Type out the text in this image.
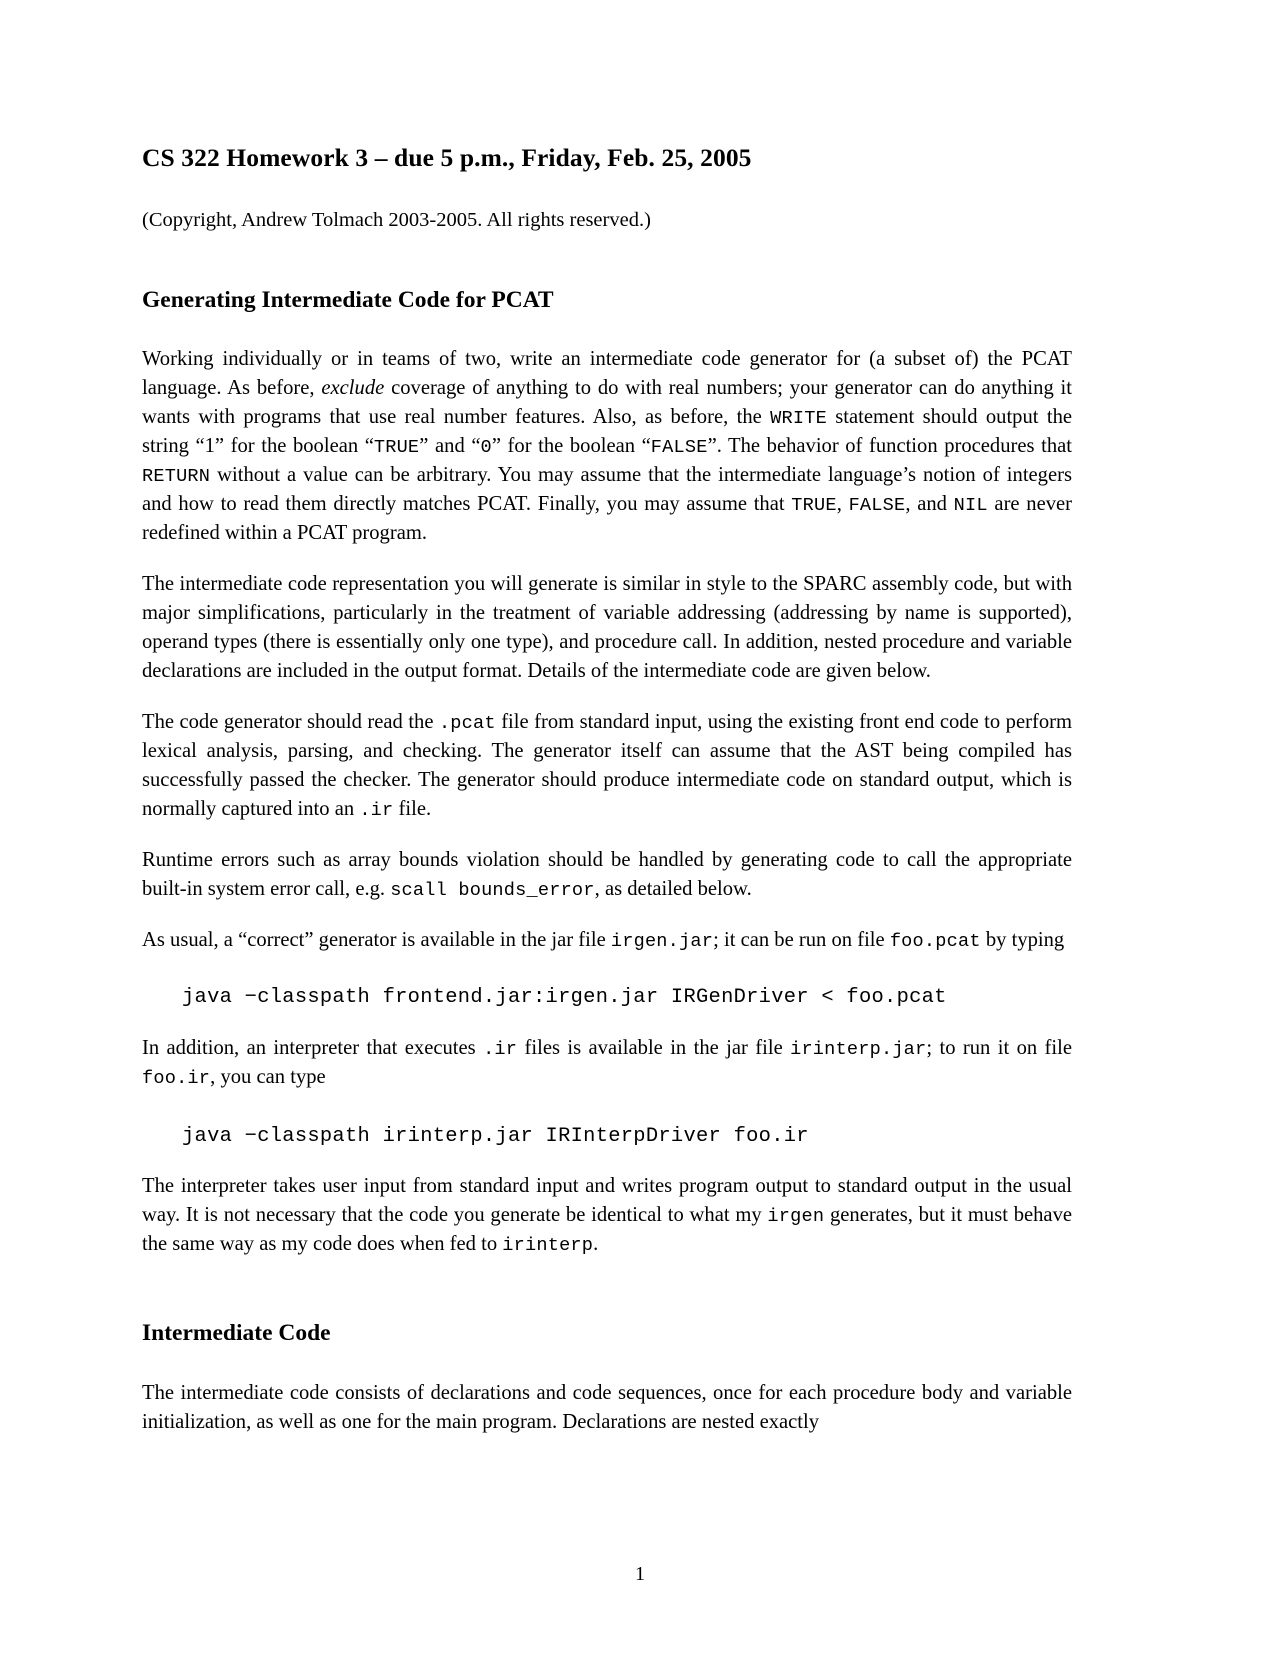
CS 322 Homework 3 – due 5 p.m., Friday, Feb. 25, 2005

(Copyright, Andrew Tolmach 2003-2005. All rights reserved.)

Generating Intermediate Code for PCAT

Working individually or in teams of two, write an intermediate code generator for (a subset of) the PCAT language. As before, exclude coverage of anything to do with real numbers; your generator can do anything it wants with programs that use real number features. Also, as before, the WRITE statement should output the string “1” for the boolean “TRUE” and “0” for the boolean “FALSE”. The behavior of function procedures that RETURN without a value can be arbitrary. You may assume that the intermediate language’s notion of integers and how to read them directly matches PCAT. Finally, you may assume that TRUE, FALSE, and NIL are never redefined within a PCAT program.

The intermediate code representation you will generate is similar in style to the SPARC assembly code, but with major simplifications, particularly in the treatment of variable addressing (addressing by name is supported), operand types (there is essentially only one type), and procedure call. In addition, nested procedure and variable declarations are included in the output format. Details of the intermediate code are given below.

The code generator should read the .pcat file from standard input, using the existing front end code to perform lexical analysis, parsing, and checking. The generator itself can assume that the AST being compiled has successfully passed the checker. The generator should produce intermediate code on standard output, which is normally captured into an .ir file.

Runtime errors such as array bounds violation should be handled by generating code to call the appropriate built-in system error call, e.g. scall bounds_error, as detailed below.

As usual, a “correct” generator is available in the jar file irgen.jar; it can be run on file foo.pcat by typing

java −classpath frontend.jar:irgen.jar IRGenDriver < foo.pcat

In addition, an interpreter that executes .ir files is available in the jar file irinterp.jar; to run it on file foo.ir, you can type

java −classpath irinterp.jar IRInterpDriver foo.ir

The interpreter takes user input from standard input and writes program output to standard output in the usual way. It is not necessary that the code you generate be identical to what my irgen generates, but it must behave the same way as my code does when fed to irinterp.

Intermediate Code

The intermediate code consists of declarations and code sequences, once for each procedure body and variable initialization, as well as one for the main program. Declarations are nested exactly

1
